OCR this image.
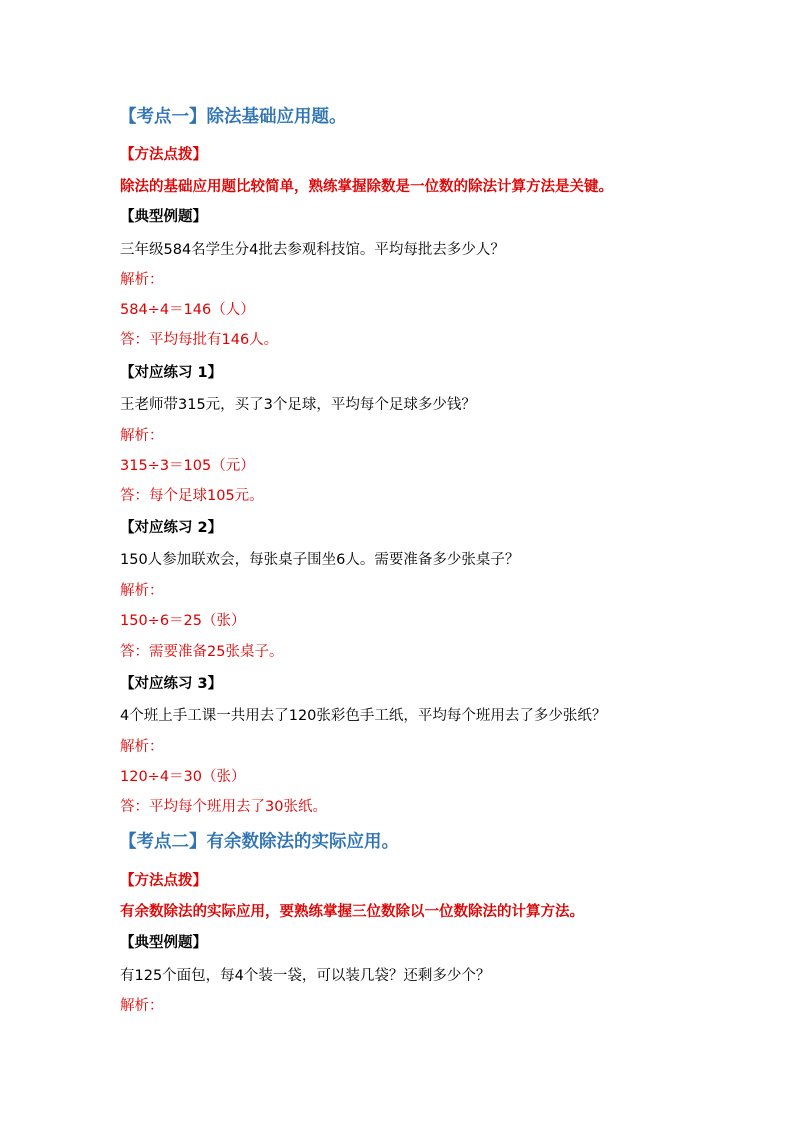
【考点一】除法基础应用题。
【方法点拨】
除法的基础应用题比较简单，熟练掌握除数是一位数的除法计算方法是关键。
【典型例题】
三年级584名学生分4批去参观科技馆。平均每批去多少人？
解析：
584÷4＝146（人）
答：平均每批有146人。
【对应练习 1】
王老师带315元，买了3个足球，平均每个足球多少钱？
解析：
315÷3＝105（元）
答：每个足球105元。
【对应练习 2】
150人参加联欢会，每张桌子围坐6人。需要准备多少张桌子？
解析：
150÷6＝25（张）
答：需要准备25张桌子。
【对应练习 3】
4个班上手工课一共用去了120张彩色手工纸，平均每个班用去了多少张纸？
解析：
120÷4＝30（张）
答：平均每个班用去了30张纸。
【考点二】有余数除法的实际应用。
【方法点拨】
有余数除法的实际应用，要熟练掌握三位数除以一位数除法的计算方法。
【典型例题】
有125个面包，每4个装一袋，可以装几袋？还剩多少个？
解析：
